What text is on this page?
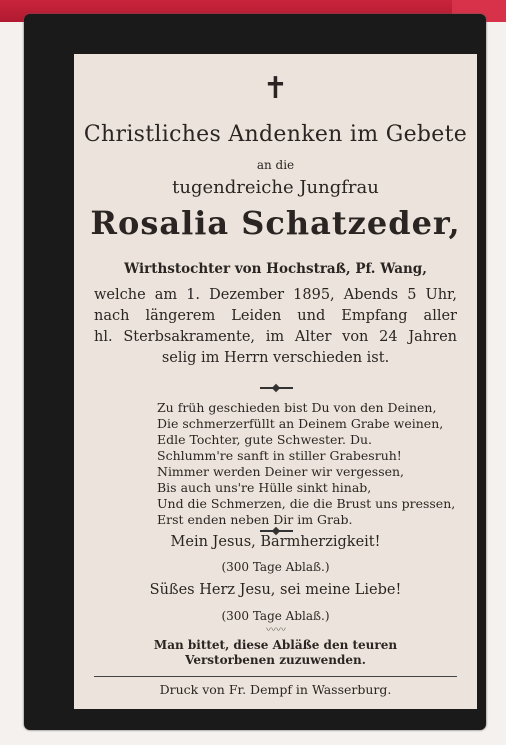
✝
Christliches Andenken im Gebete
an die
tugendreiche Jungfrau
Rosalia Schatzeder,
Wirthstochter von Hochstraß, Pf. Wang,
welche am 1. Dezember 1895, Abends 5 Uhr,
nach längerem Leiden und Empfang aller
hl. Sterbsakramente, im Alter von 24 Jahren
selig im Herrn verschieden ist.
Zu früh geschieden bist Du von den Deinen,
Die schmerzerfüllt an Deinem Grabe weinen,
Edle Tochter, gute Schwester. Du.
Schlumm're sanft in stiller Grabesruh!
Nimmer werden Deiner wir vergessen,
Bis auch uns're Hülle sinkt hinab,
Und die Schmerzen, die die Brust uns pressen,
Erst enden neben Dir im Grab.
Mein Jesus, Barmherzigkeit!
(300 Tage Ablaß.)
Süßes Herz Jesu, sei meine Liebe!
(300 Tage Ablaß.)
〰〰
Man bittet, diese Abläße den teuren
Verstorbenen zuzuwenden.
Druck von Fr. Dempf in Wasserburg.
